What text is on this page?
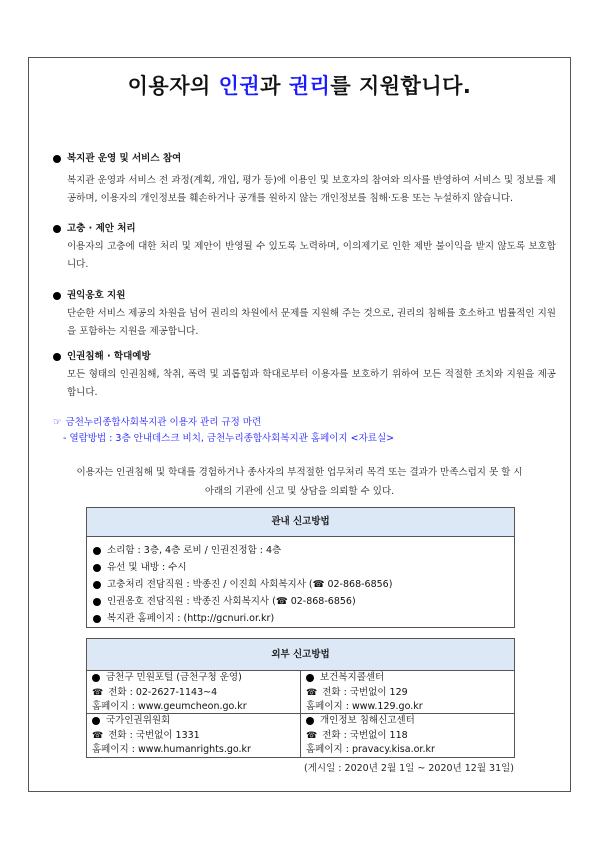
이용자의 인권과 권리를 지원합니다.
복지관 운영 및 서비스 참여
복지관 운영과 서비스 전 과정(계획, 개입, 평가 등)에 이용인 및 보호자의 참여와 의사를 반영하여 서비스 및 정보를 제공하며, 이용자의 개인정보를 훼손하거나 공개를 원하지 않는 개인정보를 침해·도용 또는 누설하지 않습니다.
고충 · 제안 처리
이용자의 고충에 대한 처리 및 제안이 반영될 수 있도록 노력하며, 이의제기로 인한 제반 불이익을 받지 않도록 보호합니다.
권익옹호 지원
단순한 서비스 제공의 차원을 넘어 권리의 차원에서 문제를 지원해 주는 것으로, 권리의 침해를 호소하고 법률적인 지원을 포함하는 지원을 제공합니다.
인권침해 · 학대예방
모든 형태의 인권침해, 착취, 폭력 및 괴롭힘과 학대로부터 이용자를 보호하기 위하여 모든 적절한 조치와 지원을 제공합니다.
☞ 금천누리종합사회복지관 이용자 관리 규정 마련
- 열람방법 : 3층 안내데스크 비치, 금천누리종합사회복지관 홈페이지 <자료실>
이용자는 인권침해 및 학대를 경험하거나 종사자의 부적절한 업무처리 목격 또는 결과가 만족스럽지 못 할 시
아래의 기관에 신고 및 상담을 의뢰할 수 있다.
관내 신고방법
소리함 : 3층, 4층 로비 / 인권진정함 : 4층
유선 및 내방 : 수시
고충처리 전담직원 : 박종진 / 이진희 사회복지사 (☎ 02-868-6856)
인권옹호 전담직원 : 박종진 사회복지사 (☎ 02-868-6856)
복지관 홈페이지 : (http://gcnuri.or.kr)
외부 신고방법
금천구 민원포털 (금천구청 운영)
☎ 전화 : 02-2627-1143~4
홈페이지 : www.geumcheon.go.kr
보건복지콜센터
☎ 전화 : 국번없이 129
홈페이지 : www.129.go.kr
국가인권위원회
☎ 전화 : 국번없이 1331
홈페이지 : www.humanrights.go.kr
개인정보 침해신고센터
☎ 전화 : 국번없이 118
홈페이지 : pravacy.kisa.or.kr
(게시일 : 2020년 2월 1일 ~ 2020년 12월 31일)
